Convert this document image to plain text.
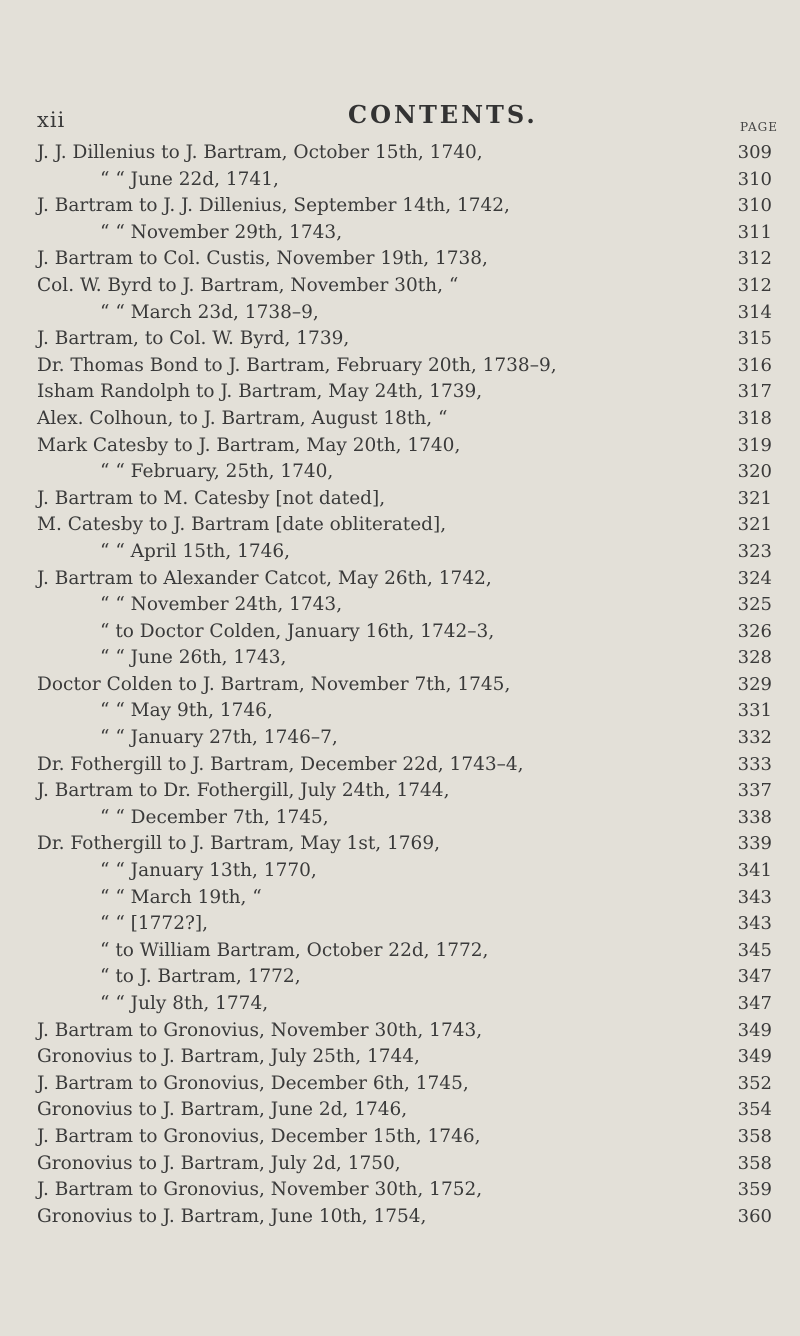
xii	CONTENTS.	PAGE
J. J. Dillenius to J. Bartram, October 15th, 1740,	309
“ “ June 22d, 1741,	310
J. Bartram to J. J. Dillenius, September 14th, 1742,	310
“ “ November 29th, 1743,	311
J. Bartram to Col. Custis, November 19th, 1738,	312
Col. W. Byrd to J. Bartram, November 30th, “	312
“ “ March 23d, 1738–9,	314
J. Bartram, to Col. W. Byrd, 1739,	315
Dr. Thomas Bond to J. Bartram, February 20th, 1738–9,	316
Isham Randolph to J. Bartram, May 24th, 1739,	317
Alex. Colhoun, to J. Bartram, August 18th, “	318
Mark Catesby to J. Bartram, May 20th, 1740,	319
“ “ February, 25th, 1740,	320
J. Bartram to M. Catesby [not dated],	321
M. Catesby to J. Bartram [date obliterated],	321
“ “ April 15th, 1746,	323
J. Bartram to Alexander Catcot, May 26th, 1742,	324
“ “ November 24th, 1743,	325
“ to Doctor Colden, January 16th, 1742–3,	326
“ “ June 26th, 1743,	328
Doctor Colden to J. Bartram, November 7th, 1745,	329
“ “ May 9th, 1746,	331
“ “ January 27th, 1746–7,	332
Dr. Fothergill to J. Bartram, December 22d, 1743–4,	333
J. Bartram to Dr. Fothergill, July 24th, 1744,	337
“ “ December 7th, 1745,	338
Dr. Fothergill to J. Bartram, May 1st, 1769,	339
“ “ January 13th, 1770,	341
“ “ March 19th, “	343
“ “ [1772?],	343
“ to William Bartram, October 22d, 1772,	345
“ to J. Bartram, 1772,	347
“ “ July 8th, 1774,	347
J. Bartram to Gronovius, November 30th, 1743,	349
Gronovius to J. Bartram, July 25th, 1744,	349
J. Bartram to Gronovius, December 6th, 1745,	352
Gronovius to J. Bartram, June 2d, 1746,	354
J. Bartram to Gronovius, December 15th, 1746,	358
Gronovius to J. Bartram, July 2d, 1750,	358
J. Bartram to Gronovius, November 30th, 1752,	359
Gronovius to J. Bartram, June 10th, 1754,	360
